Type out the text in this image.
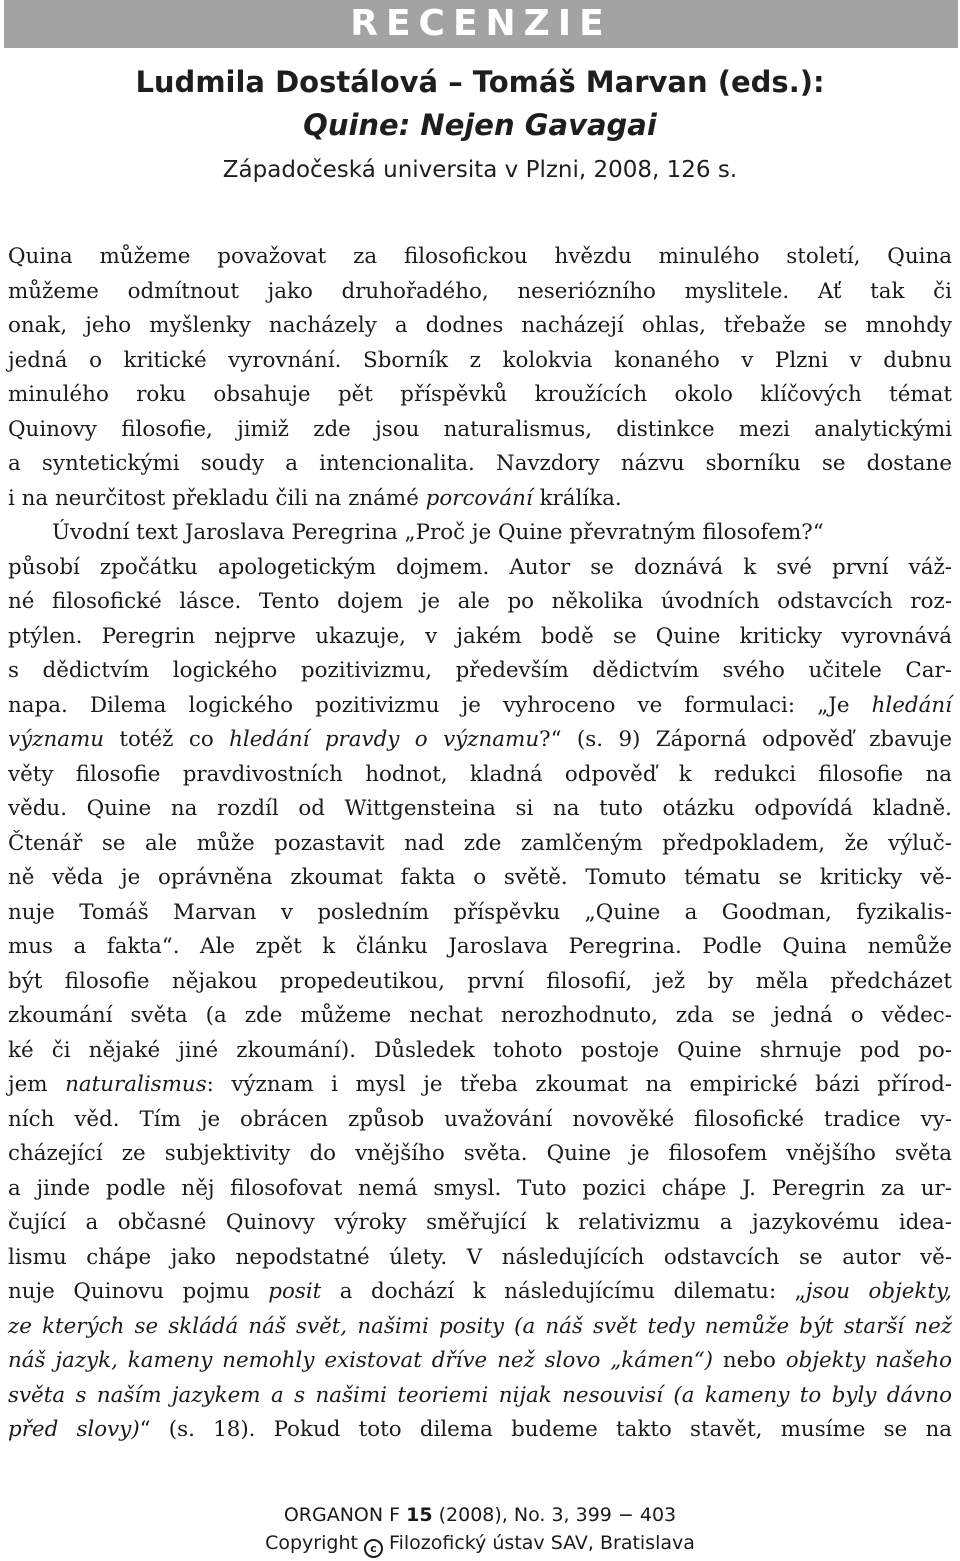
RECENZIE
Ludmila Dostálová – Tomáš Marvan (eds.):
Quine: Nejen Gavagai
Západočeská universita v Plzni, 2008, 126 s.
Quina můžeme považovat za filosofickou hvězdu minulého století, Quina
můžeme odmítnout jako druhořadého, neseriózního myslitele. Ať tak či
onak, jeho myšlenky nacházely a dodnes nacházejí ohlas, třebaže se mnohdy
jedná o kritické vyrovnání. Sborník z kolokvia konaného v Plzni v dubnu
minulého roku obsahuje pět příspěvků kroužících okolo klíčových témat
Quinovy filosofie, jimiž zde jsou naturalismus, distinkce mezi analytickými
a syntetickými soudy a intencionalita. Navzdory názvu sborníku se dostane
i na neurčitost překladu čili na známé porcování králíka.
Úvodní text Jaroslava Peregrina „Proč je Quine převratným filosofem?“
působí zpočátku apologetickým dojmem. Autor se doznává k své první váž-
né filosofické lásce. Tento dojem je ale po několika úvodních odstavcích roz-
ptýlen. Peregrin nejprve ukazuje, v jakém bodě se Quine kriticky vyrovnává
s dědictvím logického pozitivizmu, především dědictvím svého učitele Car-
napa. Dilema logického pozitivizmu je vyhroceno ve formulaci: „Je hledání
významu totéž co hledání pravdy o významu?“ (s. 9) Záporná odpověď zbavuje
věty filosofie pravdivostních hodnot, kladná odpověď k redukci filosofie na
vědu. Quine na rozdíl od Wittgensteina si na tuto otázku odpovídá kladně.
Čtenář se ale může pozastavit nad zde zamlčeným předpokladem, že výluč-
ně věda je oprávněna zkoumat fakta o světě. Tomuto tématu se kriticky vě-
nuje Tomáš Marvan v posledním příspěvku „Quine a Goodman, fyzikalis-
mus a fakta“. Ale zpět k článku Jaroslava Peregrina. Podle Quina nemůže
být filosofie nějakou propedeutikou, první filosofií, jež by měla předcházet
zkoumání světa (a zde můžeme nechat nerozhodnuto, zda se jedná o vědec-
ké či nějaké jiné zkoumání). Důsledek tohoto postoje Quine shrnuje pod po-
jem naturalismus: význam i mysl je třeba zkoumat na empirické bázi přírod-
ních věd. Tím je obrácen způsob uvažování novověké filosofické tradice vy-
cházející ze subjektivity do vnějšího světa. Quine je filosofem vnějšího světa
a jinde podle něj filosofovat nemá smysl. Tuto pozici chápe J. Peregrin za ur-
čující a občasné Quinovy výroky směřující k relativizmu a jazykovému idea-
lismu chápe jako nepodstatné úlety. V následujících odstavcích se autor vě-
nuje Quinovu pojmu posit a dochází k následujícímu dilematu: „jsou objekty,
ze kterých se skládá náš svět, našimi posity (a náš svět tedy nemůže být starší než
náš jazyk, kameny nemohly existovat dříve než slovo „kámen“) nebo objekty našeho
světa s naším jazykem a s našimi teoriemi nijak nesouvisí (a kameny to byly dávno
před slovy)“ (s. 18). Pokud toto dilema budeme takto stavět, musíme se na
ORGANON F 15 (2008), No. 3, 399 − 403
Copyright c Filozofický ústav SAV, Bratislava
